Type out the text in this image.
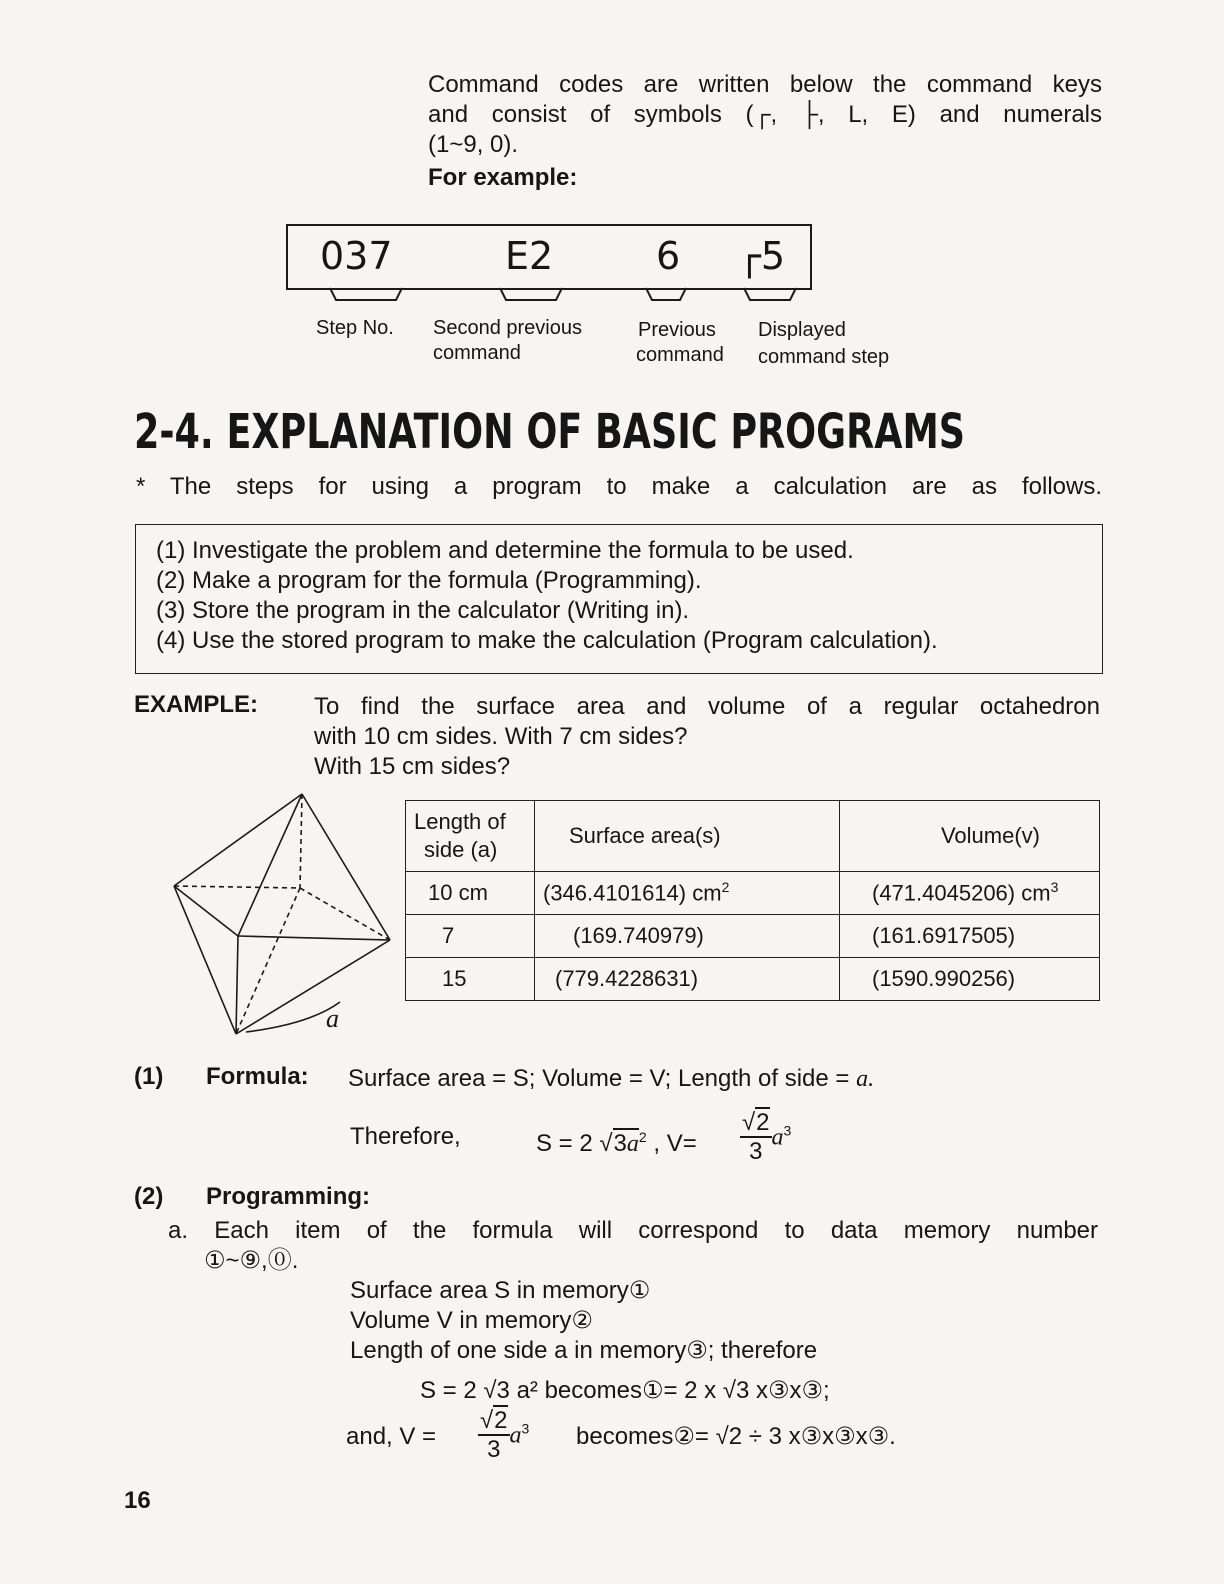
Command codes are written below the command keys
and consist of symbols (┌, ├, L, E) and numerals
(1~9, 0).
For example:
037	E2	6 ┌5
Step No. Second previous
command
Previous
command
Displayed
command step
2-4. EXPLANATION OF BASIC PROGRAMS
* The steps for using a program to make a calculation are as follows.
(1) Investigate the problem and determine the formula to be used.
(2) Make a program for the formula (Programming).
(3) Store the program in the calculator (Writing in).
(4) Use the stored program to make the calculation (Program calculation).
EXAMPLE: To find the surface area and volume of a regular octahedron
with 10 cm sides. With 7 cm sides?
With 15 cm sides?
a
Length of
side (a)	Surface area(s)	Volume(v)
10 cm	(346.4101614) $cm^2$	(471.4045206) $cm^3$
7	(169.740979)	(161.6917505)
15	(779.4228631)	(1590.990256)
(1) Formula: Surface area = S; Volume = V; Length of side = a.
Therefore,	S = 2 $√3a^2$ , $V= \frac{√2}{3} a^3$
(2) Programming:
a. Each item of the formula will correspond to data memory number
①~⑨,⓪.
Surface area S in memory①
Volume V in memory②
Length of one side a in memory③; therefore
S = 2 √3 a² becomes①= 2 x √3 x③x③;
and, $V = \frac{√2}{3} a^3$ becomes②= √2 ÷ 3 x③x③x③.
16
